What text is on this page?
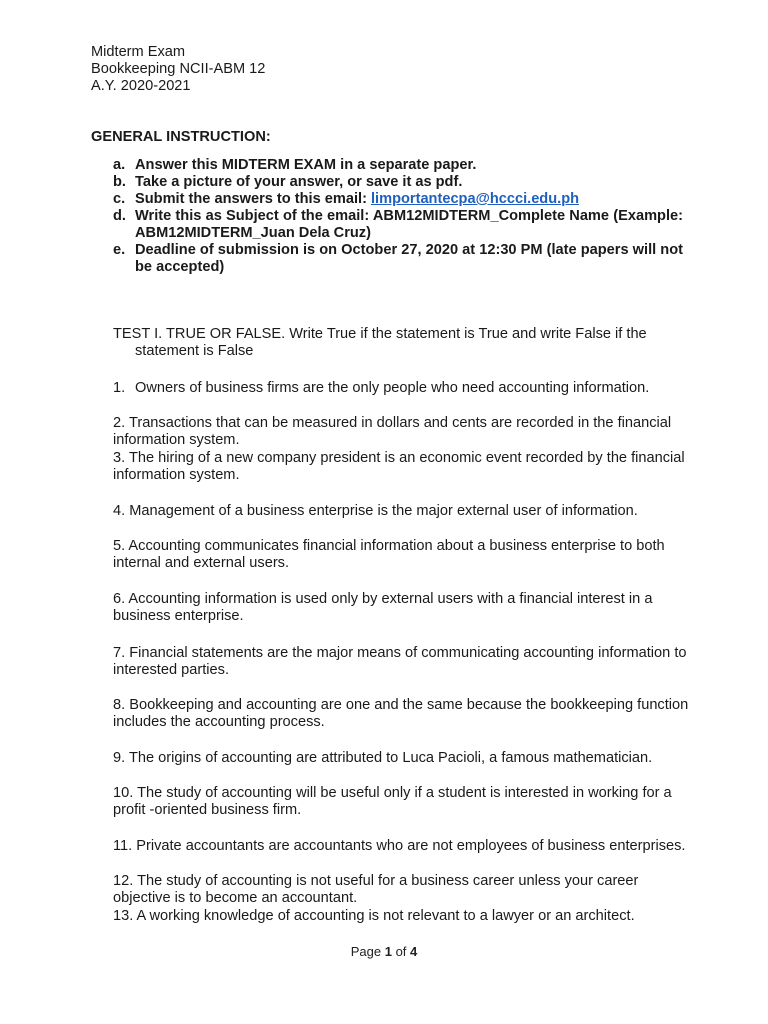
Midterm Exam
Bookkeeping NCII-ABM 12
A.Y. 2020-2021
GENERAL INSTRUCTION:
a. Answer this MIDTERM EXAM in a separate paper.
b. Take a picture of your answer, or save it as pdf.
c. Submit the answers to this email: limportantecpa@hccci.edu.ph
d. Write this as Subject of the email: ABM12MIDTERM_Complete Name (Example: ABM12MIDTERM_Juan Dela Cruz)
e. Deadline of submission is on October 27, 2020 at 12:30 PM (late papers will not be accepted)
TEST I. TRUE OR FALSE. Write True if the statement is True and write False if the
statement is False
1. Owners of business firms are the only people who need accounting information.
2. Transactions that can be measured in dollars and cents are recorded in the financial information system.
3. The hiring of a new company president is an economic event recorded by the financial information system.
4. Management of a business enterprise is the major external user of information.
5. Accounting communicates financial information about a business enterprise to both internal and external users.
6. Accounting information is used only by external users with a financial interest in a business enterprise.
7. Financial statements are the major means of communicating accounting information to interested parties.
8. Bookkeeping and accounting are one and the same because the bookkeeping function includes the accounting process.
9. The origins of accounting are attributed to Luca Pacioli, a famous mathematician.
10. The study of accounting will be useful only if a student is interested in working for a profit -oriented business firm.
11. Private accountants are accountants who are not employees of business enterprises.
12. The study of accounting is not useful for a business career unless your career objective is to become an accountant.
13. A working knowledge of accounting is not relevant to a lawyer or an architect.
Page 1 of 4
